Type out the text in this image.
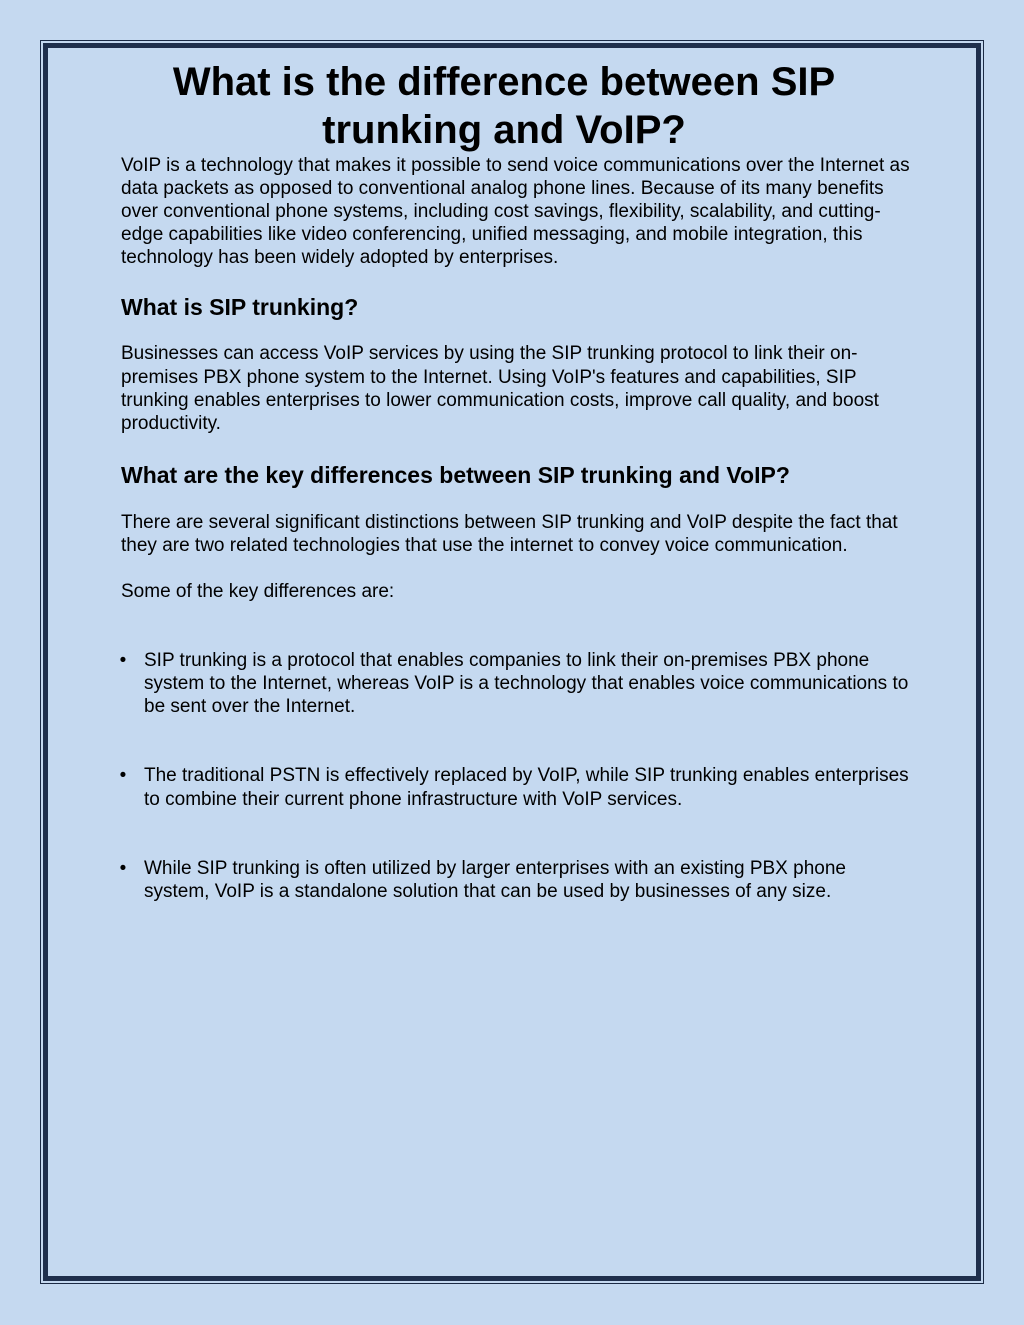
What is the difference between SIP trunking and VoIP?

VoIP is a technology that makes it possible to send voice communications over the Internet as data packets as opposed to conventional analog phone lines. Because of its many benefits over conventional phone systems, including cost savings, flexibility, scalability, and cutting-edge capabilities like video conferencing, unified messaging, and mobile integration, this technology has been widely adopted by enterprises.

What is SIP trunking?

Businesses can access VoIP services by using the SIP trunking protocol to link their on-premises PBX phone system to the Internet. Using VoIP's features and capabilities, SIP trunking enables enterprises to lower communication costs, improve call quality, and boost productivity.

What are the key differences between SIP trunking and VoIP?

There are several significant distinctions between SIP trunking and VoIP despite the fact that they are two related technologies that use the internet to convey voice communication.

Some of the key differences are:

• SIP trunking is a protocol that enables companies to link their on-premises PBX phone system to the Internet, whereas VoIP is a technology that enables voice communications to be sent over the Internet.
• The traditional PSTN is effectively replaced by VoIP, while SIP trunking enables enterprises to combine their current phone infrastructure with VoIP services.
• While SIP trunking is often utilized by larger enterprises with an existing PBX phone system, VoIP is a standalone solution that can be used by businesses of any size.
